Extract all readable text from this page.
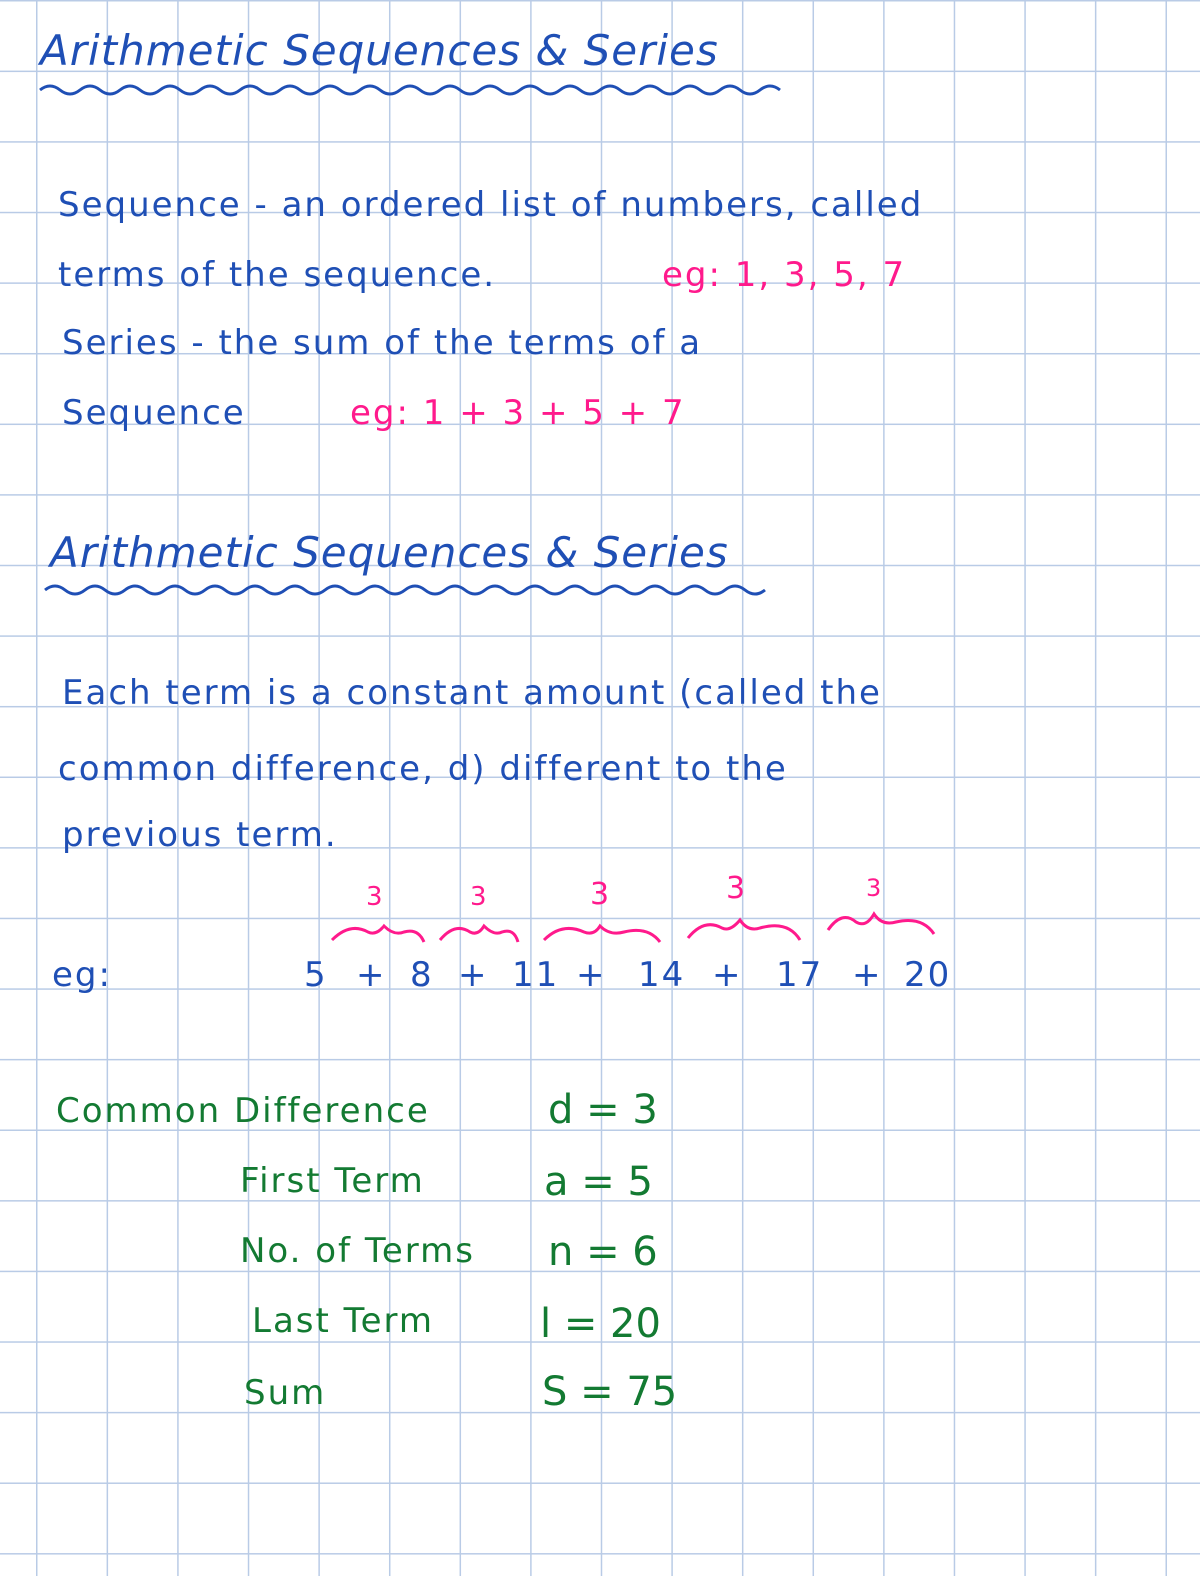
Arithmetic Sequences & Series
Sequence - an ordered list of numbers, called
terms of the sequence.	eg: 1, 3, 5, 7
Series - the sum of the terms of a
Sequence	eg: 1 + 3 + 5 + 7
Arithmetic Sequences & Series
Each term is a constant amount (called the
common difference, d) different to the
previous term.
eg:
3	3	3	3	3
5 + 8 + 11 + 14 + 17 + 20
Common Difference	d = 3
First Term	a = 5
No. of Terms n = 6
Last Term	l = 20
Sum	S = 75
